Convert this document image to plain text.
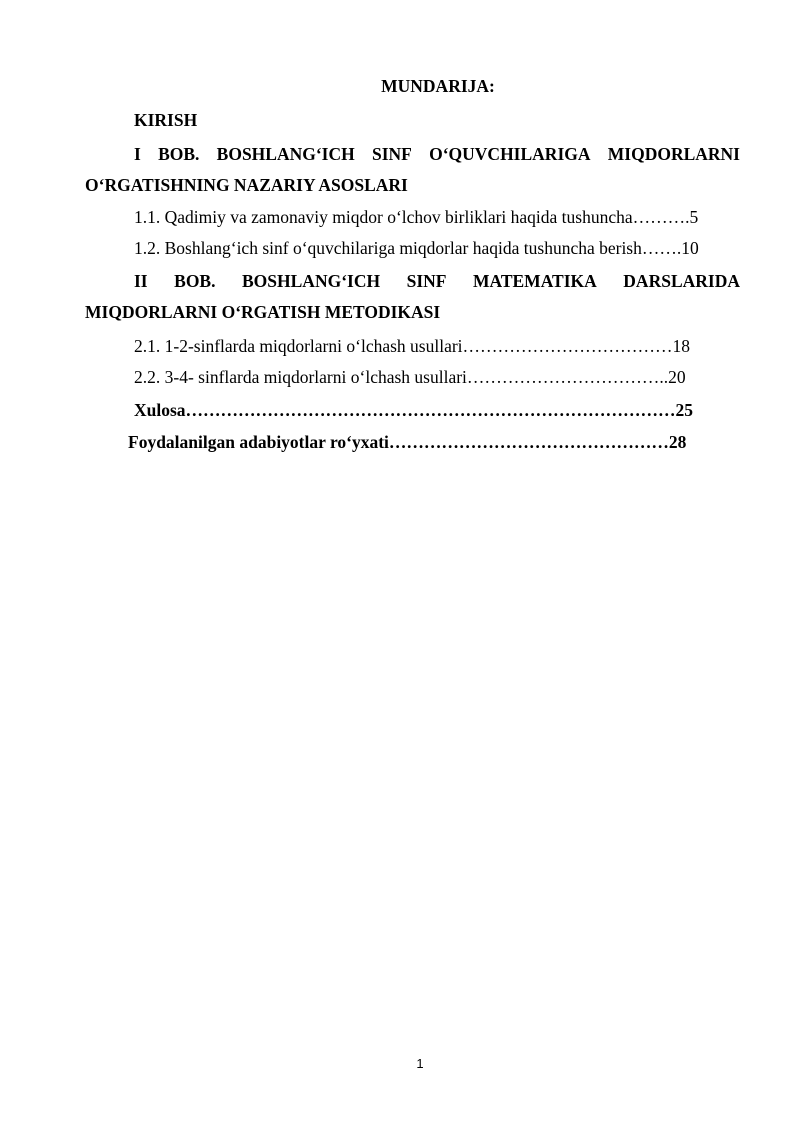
MUNDARIJA:
KIRISH
I BOB. BOSHLANG‘ICH SINF O‘QUVCHILARIGA MIQDORLARNI
O‘RGATISHNING NAZARIY ASOSLARI
1.1. Qadimiy va zamonaviy miqdor o‘lchov birliklari haqida tushuncha……….5
1.2. Boshlang‘ich sinf o‘quvchilariga miqdorlar haqida tushuncha berish…….10
II BOB. BOSHLANG‘ICH SINF MATEMATIKA DARSLARIDA
MIQDORLARNI O‘RGATISH METODIKASI
2.1. 1-2-sinflarda miqdorlarni o‘lchash usullari………………………………18
2.2. 3-4- sinflarda miqdorlarni o‘lchash usullari……………………………..20
Xulosa…………………………………………………………………………25
Foydalanilgan adabiyotlar ro‘yxati…………………………………………28
1
